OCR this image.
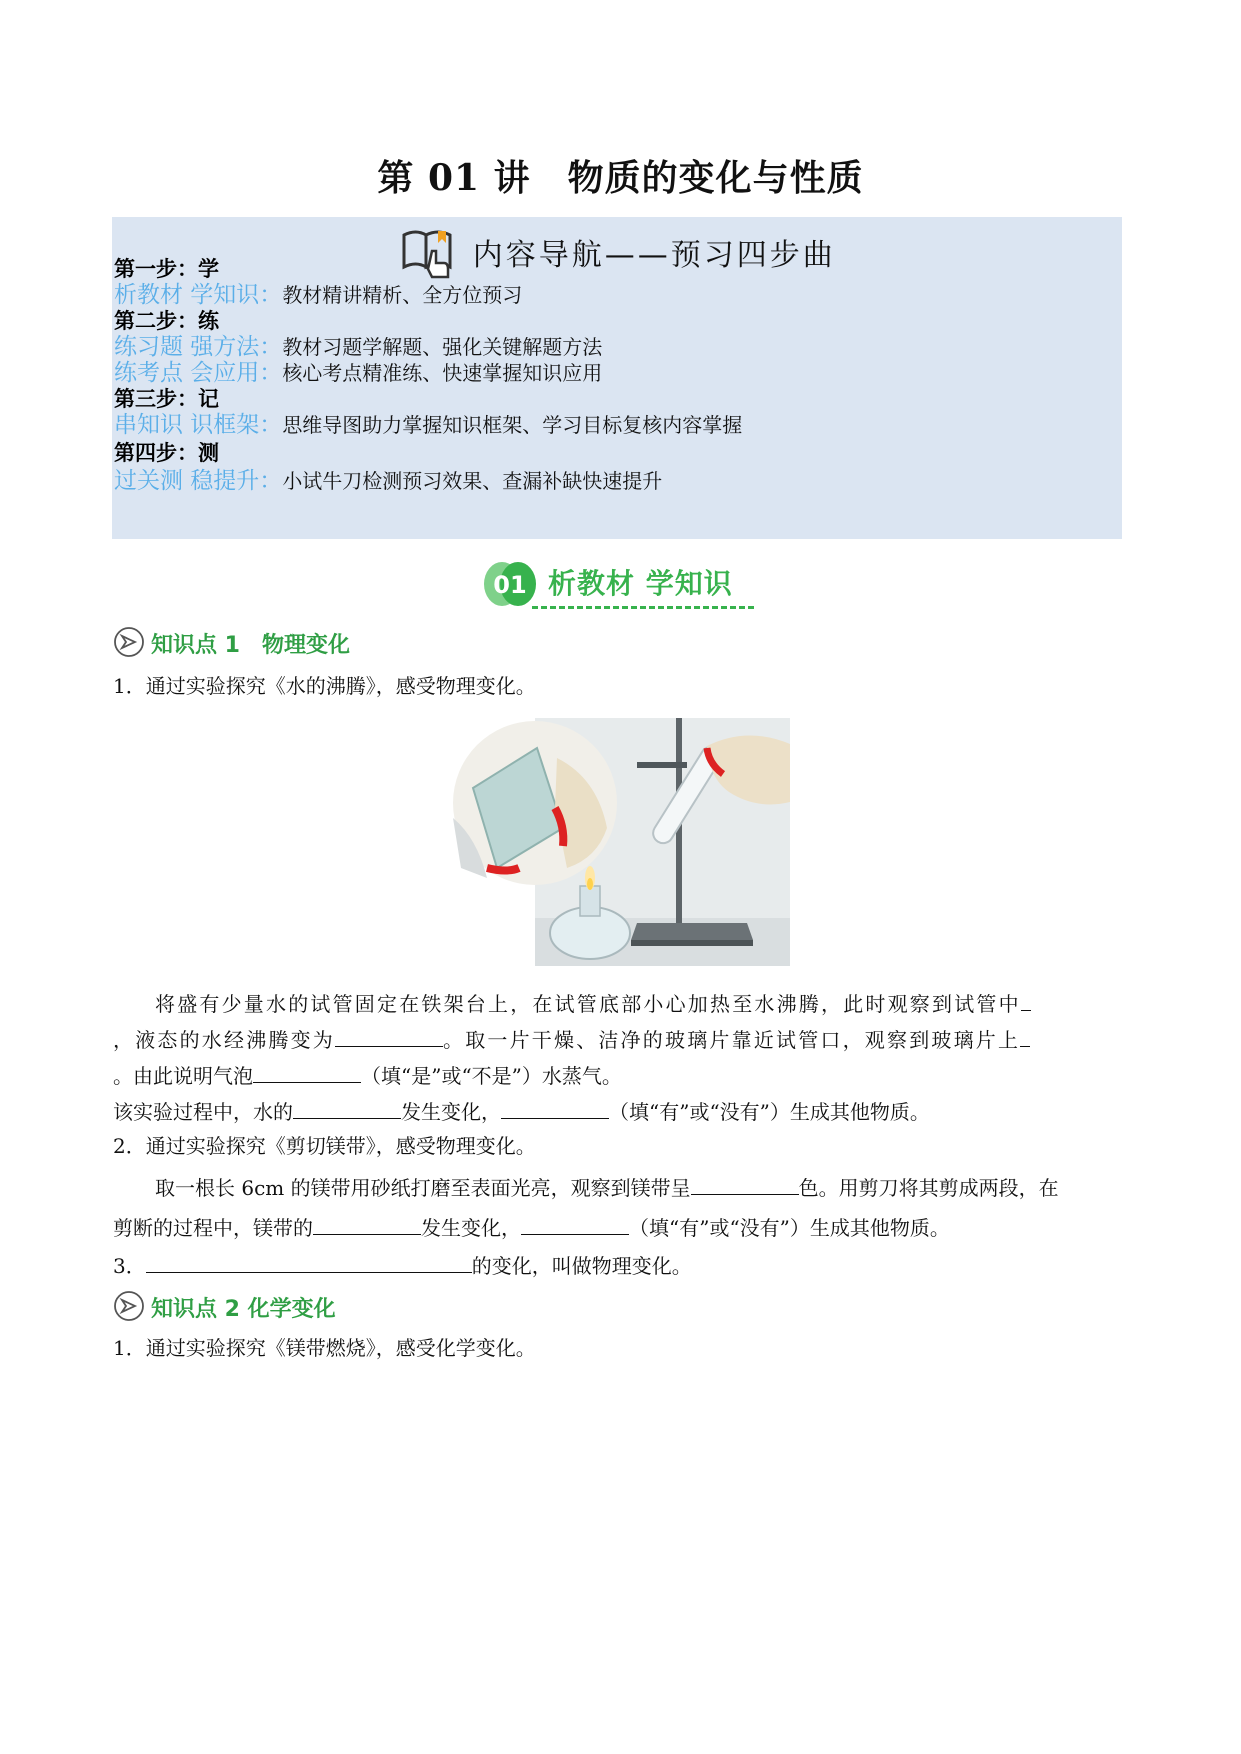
第 01 讲　物质的变化与性质
内容导航——预习四步曲
第一步：学
析教材 学知识：教材精讲精析、全方位预习
第二步：练
练习题 强方法：教材习题学解题、强化关键解题方法
练考点 会应用：核心考点精准练、快速掌握知识应用
第三步：记
串知识 识框架：思维导图助力掌握知识框架、学习目标复核内容掌握
第四步：测
过关测 稳提升：小试牛刀检测预习效果、查漏补缺快速提升
01 析教材 学知识
知识点 1　物理变化
1．通过实验探究《水的沸腾》，感受物理变化。
将盛有少量水的试管固定在铁架台上，在试管底部小心加热至水沸腾，此时观察到试管中
，液态的水经沸腾变为	。取一片干燥、洁净的玻璃片靠近试管口，观察到玻璃片上
。由此说明气泡	（填“是”或“不是”）水蒸气。
该实验过程中，水的	发生变化，	（填“有”或“没有”）生成其他物质。
2．通过实验探究《剪切镁带》，感受物理变化。
取一根长 6cm 的镁带用砂纸打磨至表面光亮，观察到镁带呈	色。用剪刀将其剪成两段，在
剪断的过程中，镁带的	发生变化，	（填“有”或“没有”）生成其他物质。
3．	的变化，叫做物理变化。
知识点 2 化学变化
1．通过实验探究《镁带燃烧》，感受化学变化。
